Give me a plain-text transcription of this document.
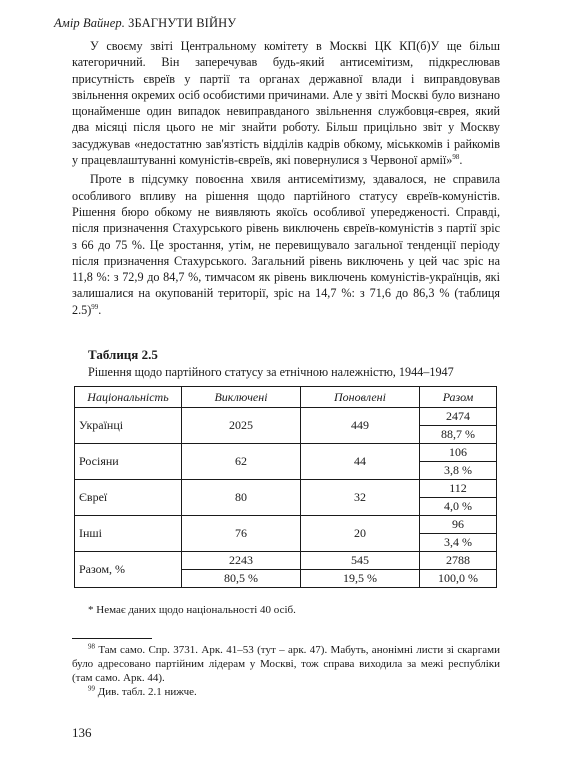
Амір Вайнер. ЗБАГНУТИ ВІЙНУ

У своєму звіті Центральному комітету в Москві ЦК КП(б)У ще більш категоричний. Він заперечував будь-який антисемітизм, підкреслював присутність євреїв у партії та органах державної влади і виправдовував звільнення окремих осіб особистими причинами. Але у звіті Москві було визнано щонайменше один випадок невиправданого звільнення службовця-єврея, який два місяці після цього не міг знайти роботу. Більш прицільно звіт у Москву засуджував «недостатню зав'язтість відділів кадрів обкому, міськкомів і райкомів у працевлаштуванні комуністів-євреїв, які повернулися з Червоної армії»$^{98}$.

Проте в підсумку повоєнна хвиля антисемітизму, здавалося, не справила особливого впливу на рішення щодо партійного статусу євреїв-комуністів. Рішення бюро обкому не виявляють якоїсь особливої упередженості. Справді, після призначення Стахурського рівень виключень євреїв-комуністів з партії зріс з 66 до 75 %. Це зростання, утім, не перевищувало загальної тенденції періоду після призначення Стахурського. Загальний рівень виключень у цей час зріс на 11,8 %: з 72,9 до 84,7 %, тимчасом як рівень виключень комуністів-українців, які залишалися на окупованій території, зріс на 14,7 %: з 71,6 до 86,3 % (таблиця 2.5)$^{99}$.

Таблиця 2.5
Рішення щодо партійного статусу за етнічною належністю, 1944–1947
Національність	Виключені	Поновлені	Разом
Українці	2025	449	2474
			88,7 %
Росіяни	62	44	106
			3,8 %
Євреї	80	32	112
			4,0 %
Інші	76	20	96
			3,4 %
Разом, %	2243	545	2788
	80,5 %	19,5 %	100,0 %
* Немає даних щодо національності 40 осіб.

$^{98}$ Там само. Спр. 3731. Арк. 41–53 (тут – арк. 47). Мабуть, анонімні листи зі скаргами було адресовано партійним лідерам у Москві, тож справа виходила за межі республіки (там само. Арк. 44).

$^{99}$ Див. табл. 2.1 нижче.

136
